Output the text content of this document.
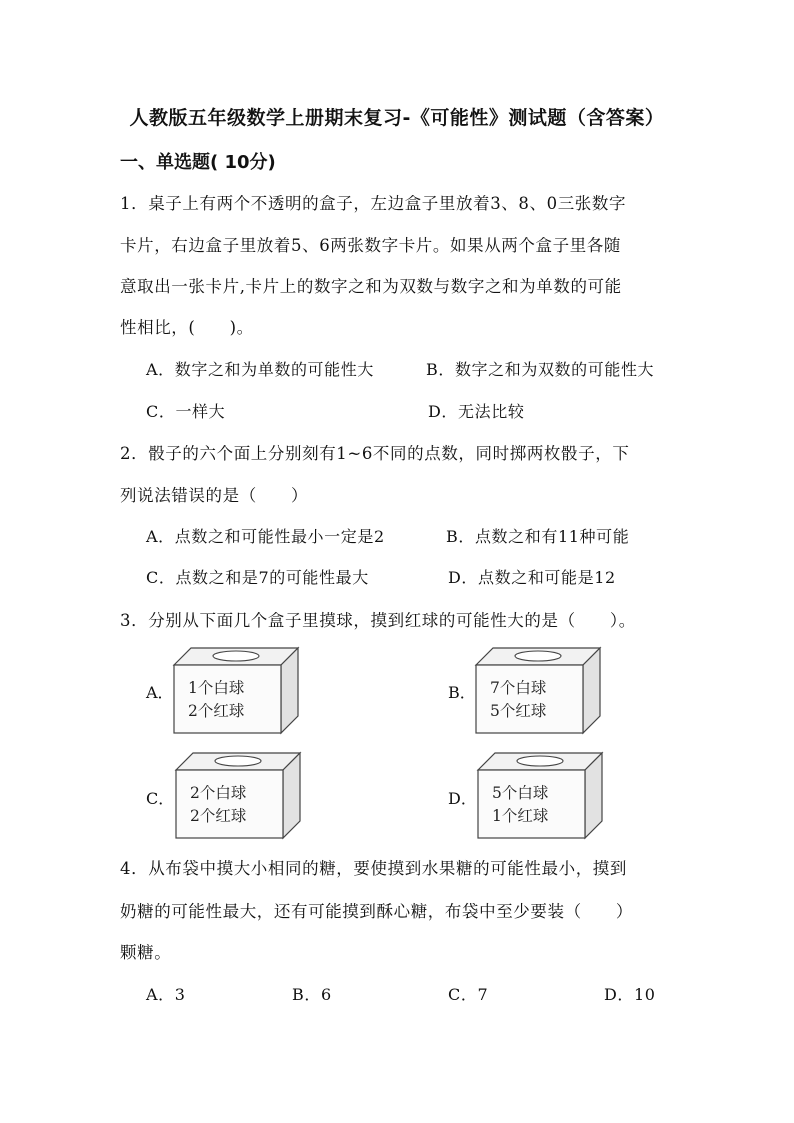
人教版五年级数学上册期末复习-《可能性》测试题（含答案）
一、单选题( 10分)
1．桌子上有两个不透明的盒子，左边盒子里放着3、8、0三张数字
卡片，右边盒子里放着5、6两张数字卡片。如果从两个盒子里各随
意取出一张卡片,卡片上的数字之和为双数与数字之和为单数的可能
性相比，(　　)。
A．数字之和为单数的可能性大	B．数字之和为双数的可能性大
C．一样大	D．无法比较
2．骰子的六个面上分别刻有1~6不同的点数，同时掷两枚骰子，下
列说法错误的是（　　）
A．点数之和可能性最小一定是2	B．点数之和有11种可能
C．点数之和是7的可能性最大	D．点数之和可能是12
3．分别从下面几个盒子里摸球，摸到红球的可能性大的是（　　）。
A． 1个白球
2个红球
B． 7个白球
5个红球
C． 2个白球
2个红球
D． 5个白球
1个红球
4．从布袋中摸大小相同的糖，要使摸到水果糖的可能性最小，摸到
奶糖的可能性最大，还有可能摸到酥心糖，布袋中至少要装（　　）
颗糖。
A．3	B．6	C．7	D．10
